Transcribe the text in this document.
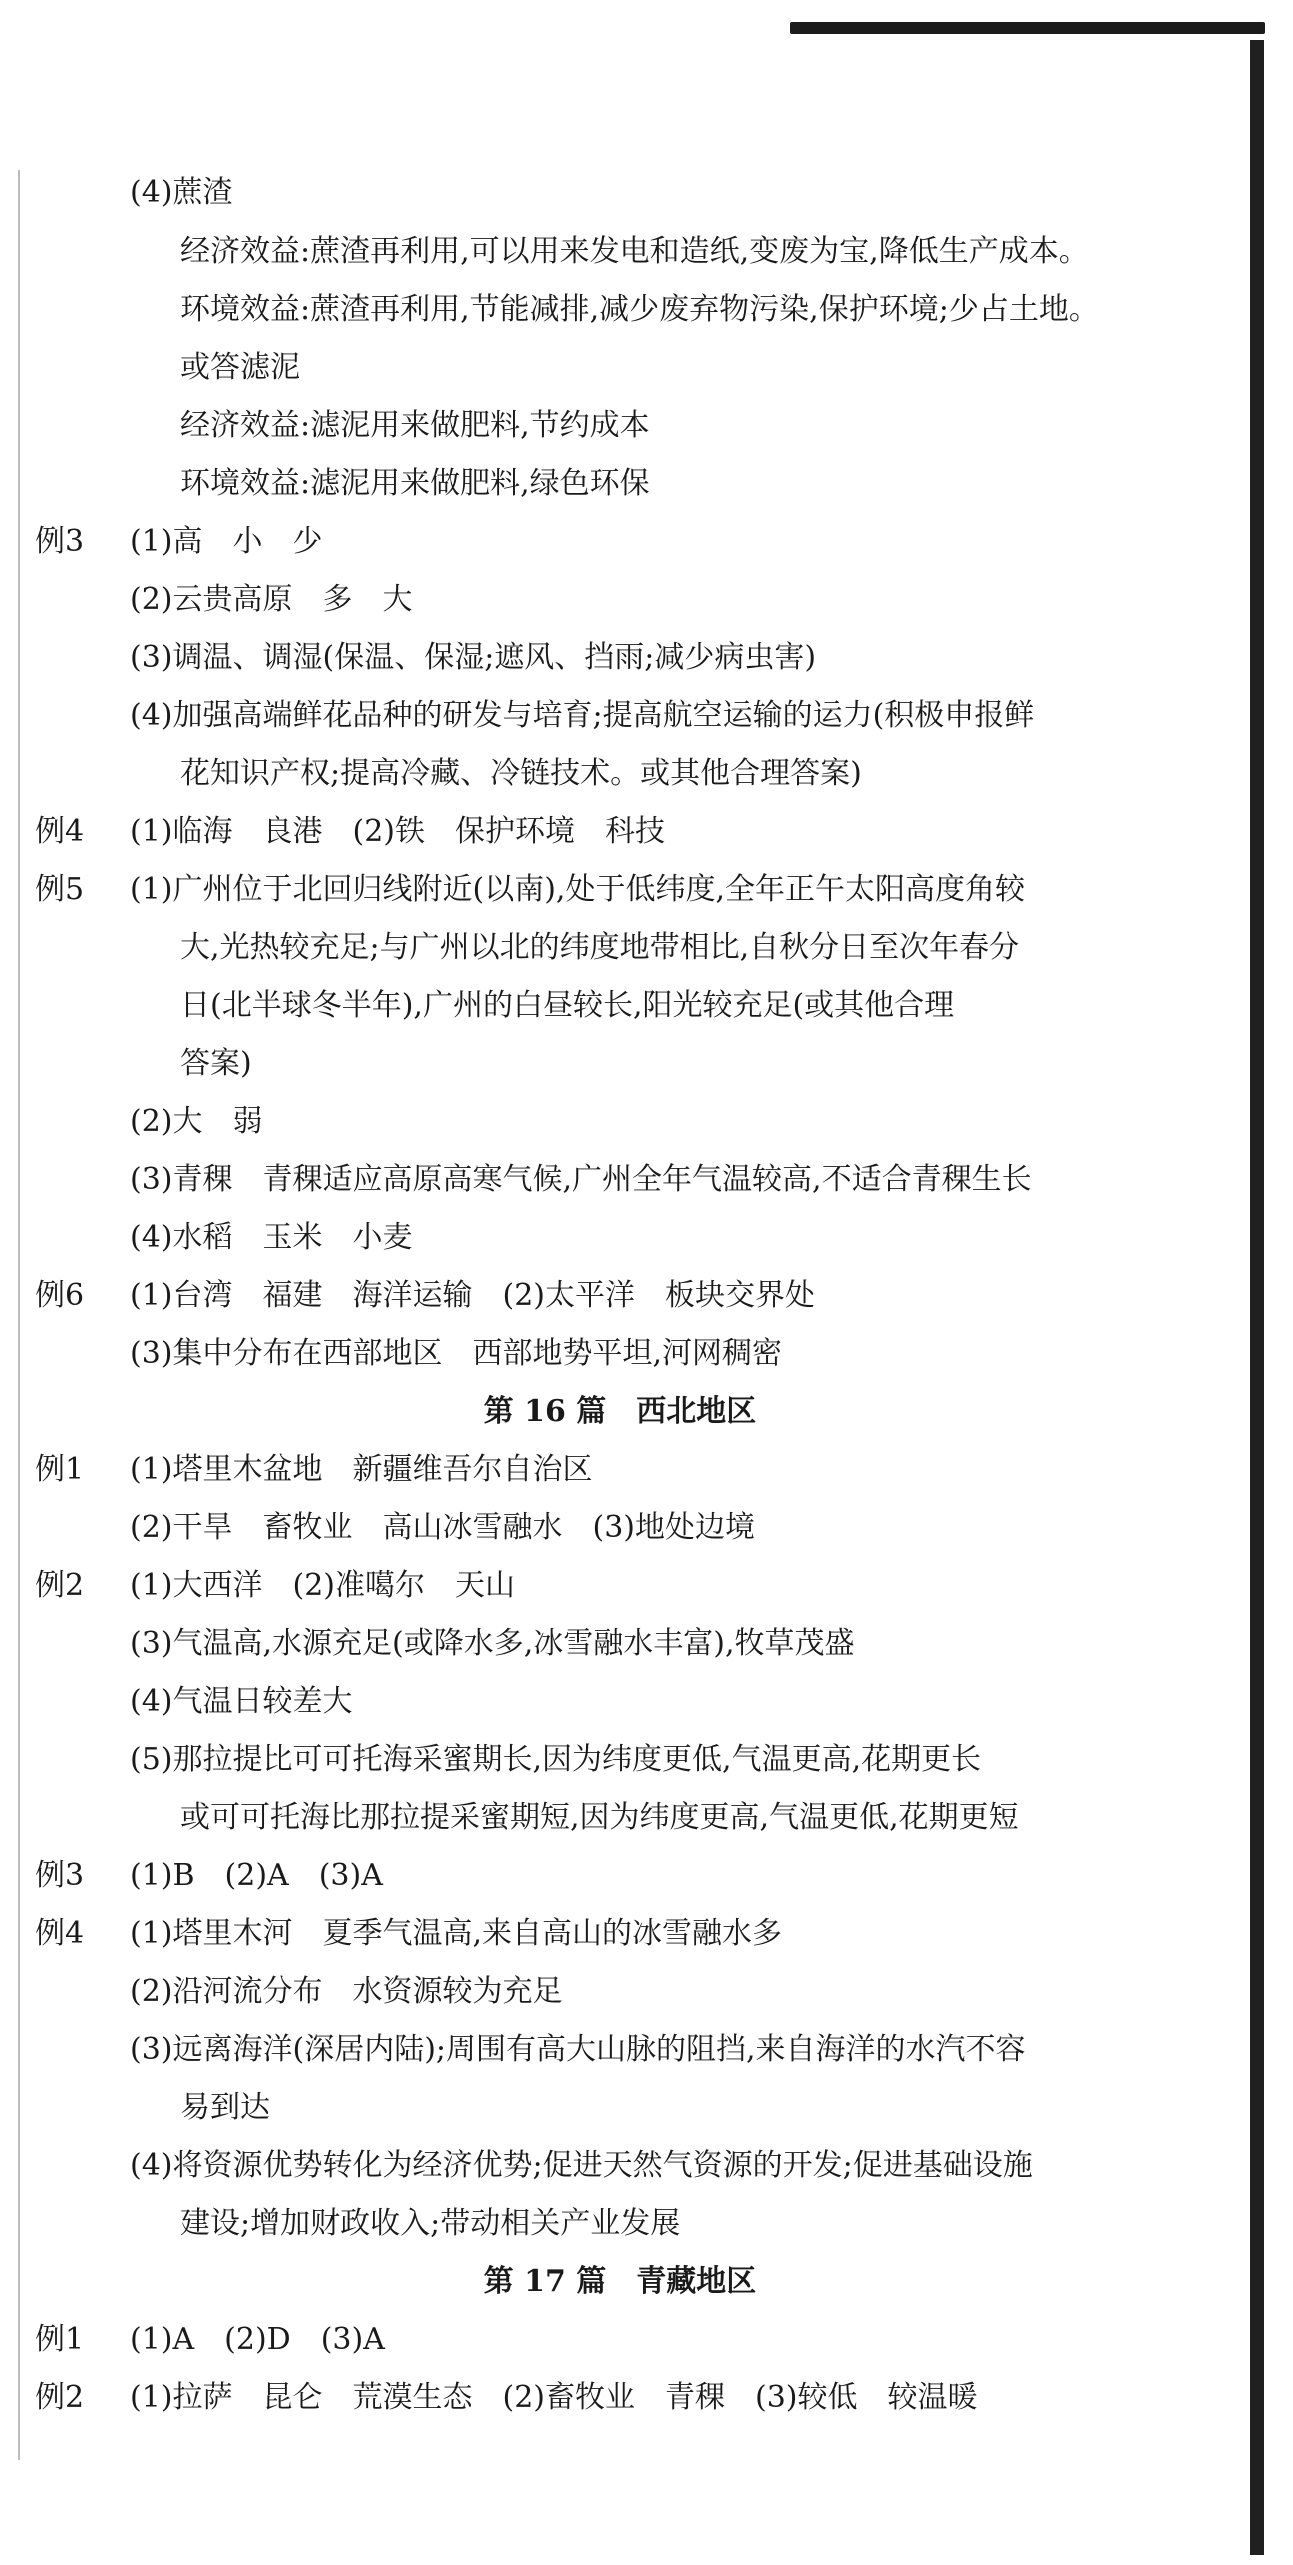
(4)蔗渣
经济效益:蔗渣再利用,可以用来发电和造纸,变废为宝,降低生产成本。
环境效益:蔗渣再利用,节能减排,减少废弃物污染,保护环境;少占土地。
或答滤泥
经济效益:滤泥用来做肥料,节约成本
环境效益:滤泥用来做肥料,绿色环保
例3 (1)高　小　少
(2)云贵高原　多　大
(3)调温、调湿(保温、保湿;遮风、挡雨;减少病虫害)
(4)加强高端鲜花品种的研发与培育;提高航空运输的运力(积极申报鲜
花知识产权;提高冷藏、冷链技术。或其他合理答案)
例4 (1)临海　良港　(2)铁　保护环境　科技
例5 (1)广州位于北回归线附近(以南),处于低纬度,全年正午太阳高度角较
大,光热较充足;与广州以北的纬度地带相比,自秋分日至次年春分
日(北半球冬半年),广州的白昼较长,阳光较充足(或其他合理
答案)
(2)大　弱
(3)青稞　青稞适应高原高寒气候,广州全年气温较高,不适合青稞生长
(4)水稻　玉米　小麦
例6 (1)台湾　福建　海洋运输　(2)太平洋　板块交界处
(3)集中分布在西部地区　西部地势平坦,河网稠密
第 16 篇　西北地区
例1 (1)塔里木盆地　新疆维吾尔自治区
(2)干旱　畜牧业　高山冰雪融水　(3)地处边境
例2 (1)大西洋　(2)准噶尔　天山
(3)气温高,水源充足(或降水多,冰雪融水丰富),牧草茂盛
(4)气温日较差大
(5)那拉提比可可托海采蜜期长,因为纬度更低,气温更高,花期更长
或可可托海比那拉提采蜜期短,因为纬度更高,气温更低,花期更短
例3 (1)B　(2)A　(3)A
例4 (1)塔里木河　夏季气温高,来自高山的冰雪融水多
(2)沿河流分布　水资源较为充足
(3)远离海洋(深居内陆);周围有高大山脉的阻挡,来自海洋的水汽不容
易到达
(4)将资源优势转化为经济优势;促进天然气资源的开发;促进基础设施
建设;增加财政收入;带动相关产业发展
第 17 篇　青藏地区
例1 (1)A　(2)D　(3)A
例2 (1)拉萨　昆仑　荒漠生态　(2)畜牧业　青稞　(3)较低　较温暖
